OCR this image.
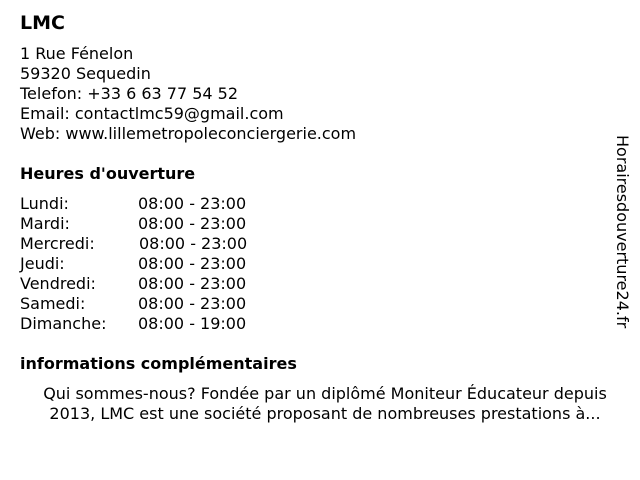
LMC
1 Rue Fénelon
59320 Sequedin
Telefon: +33 6 63 77 54 52
Email: contactlmc59@gmail.com
Web: www.lillemetropoleconciergerie.com
Heures d'ouverture
Lundi:	08:00 - 23:00
Mardi:	08:00 - 23:00
Mercredi:	08:00 - 23:00
Jeudi:	08:00 - 23:00
Vendredi:	08:00 - 23:00
Samedi:	08:00 - 23:00
Dimanche: 08:00 - 19:00
informations complémentaires
Qui sommes-nous? Fondée par un diplômé Moniteur Éducateur depuis 2013, LMC est une société proposant de nombreuses prestations à...
Horairesdouverture24.fr
